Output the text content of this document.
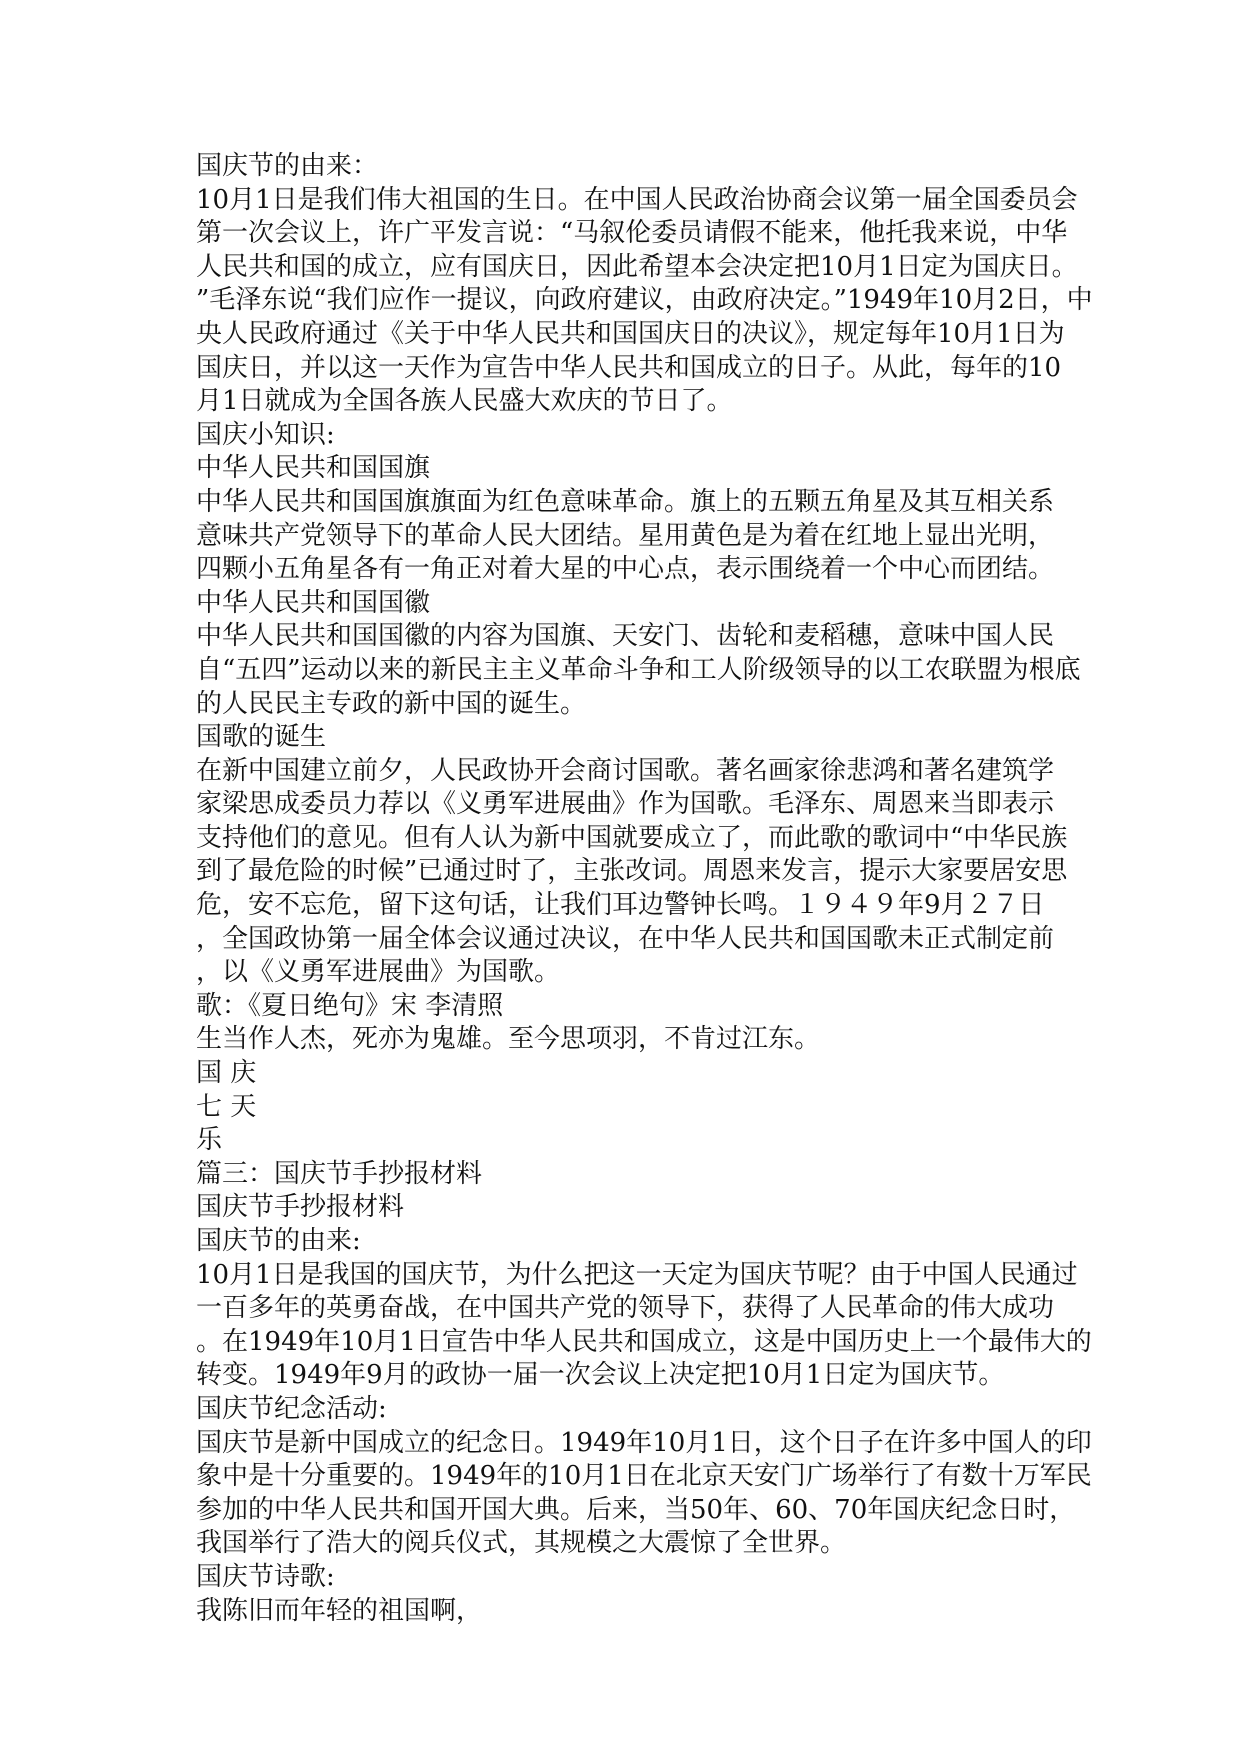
国庆节的由来：

10月1日是我们伟大祖国的生日。在中国人民政治协商会议第一届全国委员会

第一次会议上，许广平发言说：“马叙伦委员请假不能来，他托我来说，中华

人民共和国的成立，应有国庆日，因此希望本会决定把10月1日定为国庆日。

”毛泽东说“我们应作一提议，向政府建议，由政府决定。”1949年10月2日，中

央人民政府通过《关于中华人民共和国国庆日的决议》，规定每年10月1日为

国庆日，并以这一天作为宣告中华人民共和国成立的日子。从此，每年的10

月1日就成为全国各族人民盛大欢庆的节日了。

国庆小知识:

中华人民共和国国旗

中华人民共和国国旗旗面为红色意味革命。旗上的五颗五角星及其互相关系

意味共产党领导下的革命人民大团结。星用黄色是为着在红地上显出光明，

四颗小五角星各有一角正对着大星的中心点，表示围绕着一个中心而团结。

中华人民共和国国徽

中华人民共和国国徽的内容为国旗、天安门、齿轮和麦稻穗，意味中国人民

自“五四”运动以来的新民主主义革命斗争和工人阶级领导的以工农联盟为根底

的人民民主专政的新中国的诞生。

国歌的诞生

在新中国建立前夕，人民政协开会商讨国歌。著名画家徐悲鸿和著名建筑学

家梁思成委员力荐以《义勇军进展曲》作为国歌。毛泽东、周恩来当即表示

支持他们的意见。但有人认为新中国就要成立了，而此歌的歌词中“中华民族

到了最危险的时候”已通过时了，主张改词。周恩来发言，提示大家要居安思

危，安不忘危，留下这句话，让我们耳边警钟长鸣。１９４９年9月２７日

，全国政协第一届全体会议通过决议，在中华人民共和国国歌未正式制定前

，以《义勇军进展曲》为国歌。

歌：《夏日绝句》宋 李清照

生当作人杰，死亦为鬼雄。至今思项羽，不肯过江东。

国 庆

七 天

乐

篇三：国庆节手抄报材料

国庆节手抄报材料

国庆节的由来:

10月1日是我国的国庆节，为什么把这一天定为国庆节呢？由于中国人民通过

一百多年的英勇奋战，在中国共产党的领导下，获得了人民革命的伟大成功

。在1949年10月1日宣告中华人民共和国成立，这是中国历史上一个最伟大的

转变。1949年9月的政协一届一次会议上决定把10月1日定为国庆节。

国庆节纪念活动:

国庆节是新中国成立的纪念日。1949年10月1日，这个日子在许多中国人的印

象中是十分重要的。1949年的10月1日在北京天安门广场举行了有数十万军民

参加的中华人民共和国开国大典。后来，当50年、60、70年国庆纪念日时，

我国举行了浩大的阅兵仪式，其规模之大震惊了全世界。

国庆节诗歌:

我陈旧而年轻的祖国啊，
